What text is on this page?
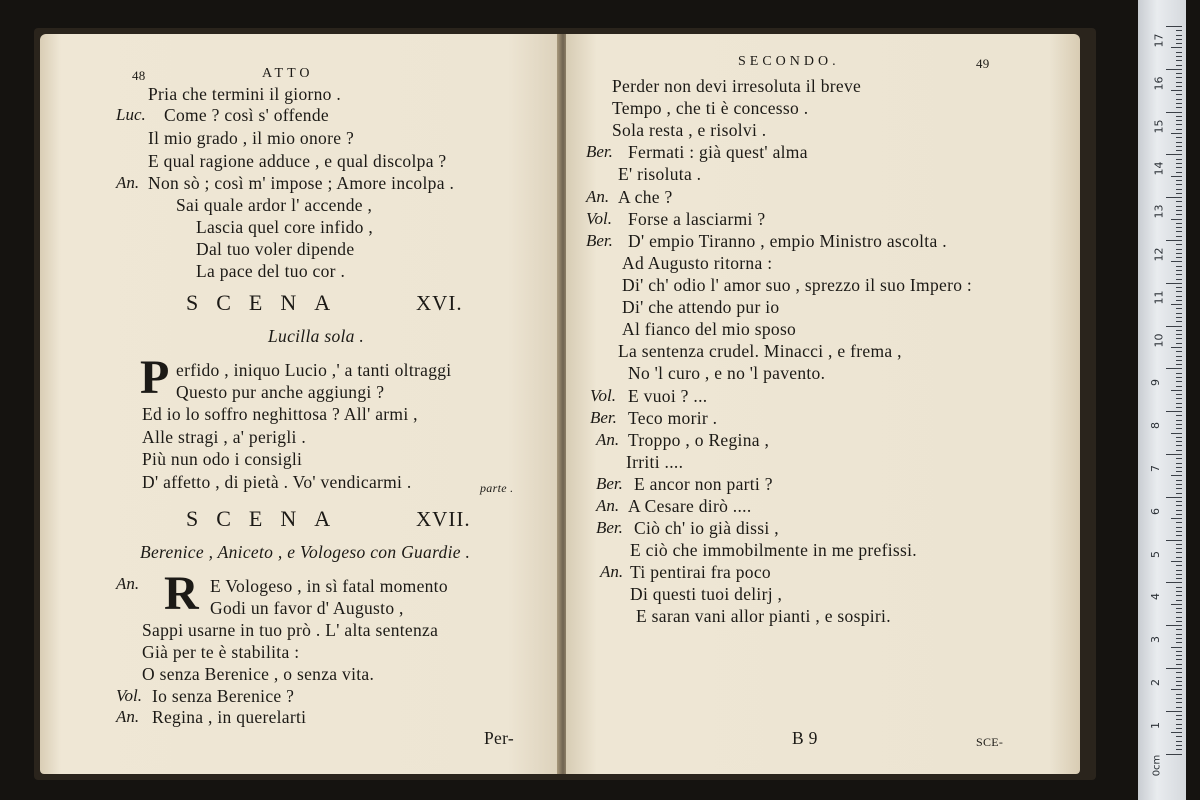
48	ATTO
Pria che termini il giorno .
Luc. Come ? così s' offende
Il mio grado , il mio onore ?
E qual ragione adduce , e qual discolpa ?
An. Non sò ; così m' impose ; Amore incolpa .
Sai quale ardor l' accende ,
Lascia quel core infido ,
Dal tuo voler dipende
La pace del tuo cor .
SCENA	XVI.
Lucilla sola .
P erfido , iniquo Lucio ,' a tanti oltraggi
Questo pur anche aggiungi ?
Ed io lo soffro neghittosa ? All' armi ,
Alle stragi , a' perigli .
Più nun odo i consigli
D' affetto , di pietà . Vo' vendicarmi .	parte .
SCENA	XVII.
Berenice , Aniceto , e Vologeso con Guardie .
An. R E Vologeso , in sì fatal momento
Godi un favor d' Augusto ,
Sappi usarne in tuo prò . L' alta sentenza
Già per te è stabilita :
O senza Berenice , o senza vita.
Vol. Io senza Berenice ?
An. Regina , in querelarti
Per-
SECONDO.	49
Perder non devi irresoluta il breve
Tempo , che ti è concesso .
Sola resta , e risolvi .
Ber. Fermati : già quest' alma
E' risoluta .
An. A che ?
Vol. Forse a lasciarmi ?
Ber. D' empio Tiranno , empio Ministro ascolta .
Ad Augusto ritorna :
Di' ch' odio l' amor suo , sprezzo il suo Impero :
Di' che attendo pur io
Al fianco del mio sposo
La sentenza crudel. Minacci , e frema ,
No 'l curo , e no 'l pavento.
Vol. E vuoi ? ...
Ber. Teco morir .
An. Troppo , o Regina ,
Irriti ....
Ber. E ancor non parti ?
An. A Cesare dirò ....
Ber. Ciò ch' io già dissi ,
E ciò che immobilmente in me prefissi.
An. Ti pentirai fra poco
Di questi tuoi delirj ,
E saran vani allor pianti , e sospiri.
B 9	SCE-
17
16
15
14
13
12
11
10
9
8
7
6
5
4
3
2
1
0cm
